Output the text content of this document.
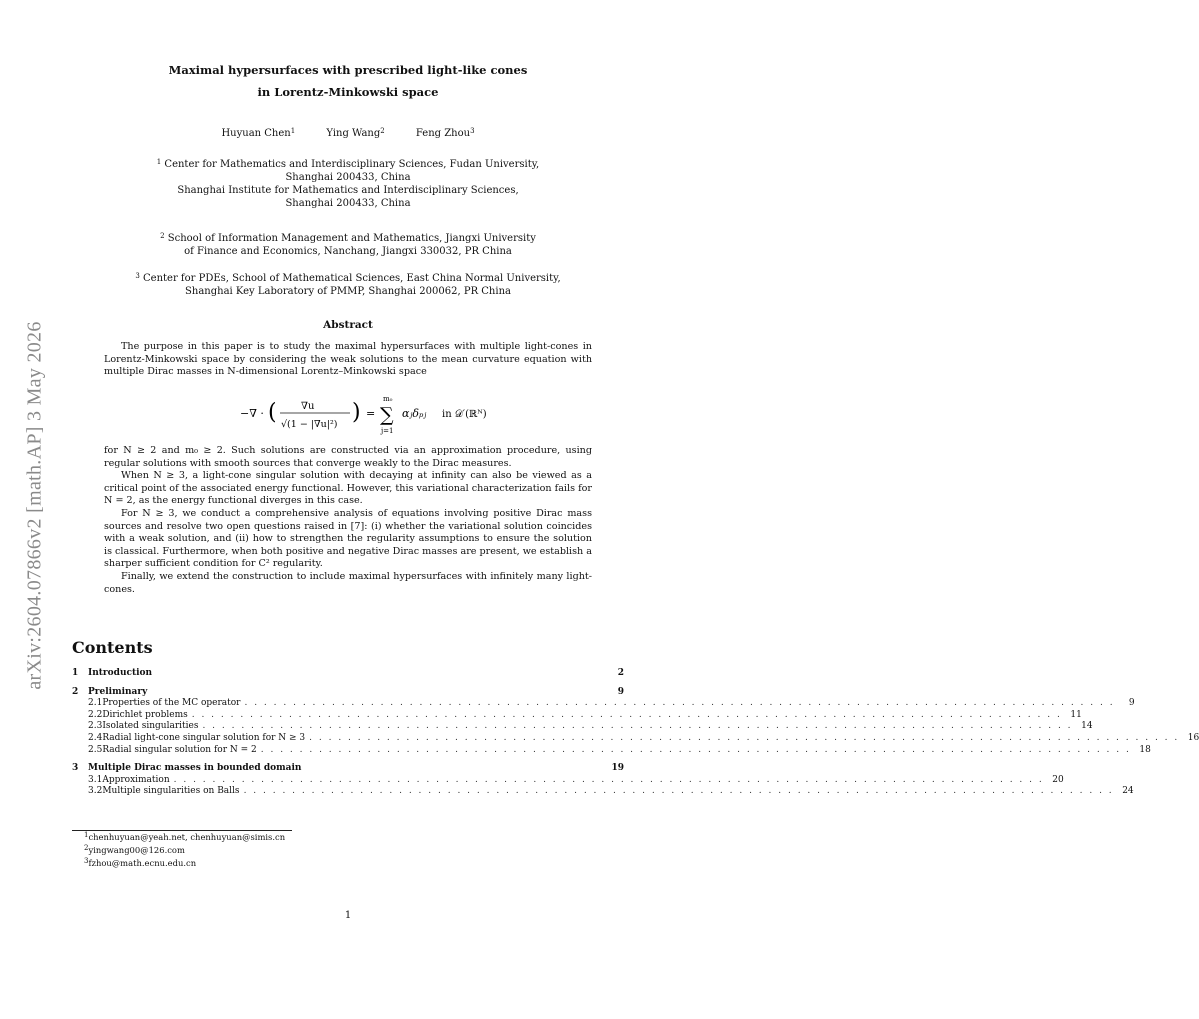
arXiv:2604.07866v2 [math.AP] 3 May 2026
Maximal hypersurfaces with prescribed light-like cones
in Lorentz-Minkowski space
Huyuan Chen$^1$	Ying Wang$^2$	Feng Zhou$^3$
$^1$ Center for Mathematics and Interdisciplinary Sciences, Fudan University,
Shanghai 200433, China
Shanghai Institute for Mathematics and Interdisciplinary Sciences,
Shanghai 200433, China
$^2$ School of Information Management and Mathematics, Jiangxi University
of Finance and Economics, Nanchang, Jiangxi 330032, PR China
$^3$ Center for PDEs, School of Mathematical Sciences, East China Normal University,
Shanghai Key Laboratory of PMMP, Shanghai 200062, PR China
Abstract

The purpose in this paper is to study the maximal hypersurfaces with multiple light-cones in Lorentz-Minkowski space by considering the weak solutions to the mean curvature equation with multiple Dirac masses in N-dimensional Lorentz–Minkowski space

−∇ · ( ∇u
√(1 − |∇u|²) ) =
m₀
∑
j=1
αⱼδₚⱼ in 𝒟′(ℝᴺ)

for N ≥ 2 and m₀ ≥ 2. Such solutions are constructed via an approximation procedure, using regular solutions with smooth sources that converge weakly to the Dirac measures.

When N ≥ 3, a light-cone singular solution with decaying at infinity can also be viewed as a critical point of the associated energy functional. However, this variational characterization fails for N = 2, as the energy functional diverges in this case.

For N ≥ 3, we conduct a comprehensive analysis of equations involving positive Dirac mass sources and resolve two open questions raised in [7]: (i) whether the variational solution coincides with a weak solution, and (ii) how to strengthen the regularity assumptions to ensure the solution is classical. Furthermore, when both positive and negative Dirac masses are present, we establish a sharper sufficient condition for C² regularity.

Finally, we extend the construction to include maximal hypersurfaces with infinitely many light-cones.

Contents
1	Introduction	2
2	Preliminary	9
2.1 Properties of the MC operator . . . . . . . . . . . . . . . . . . . . . . . . . . . . . . . . . . . . . . . . . . . . . . . . . . . . . . . . . . . . . . . . . . . . . . . . . . . . . . . . . . . . . . . . . .	9
2.2 Dirichlet problems . . . . . . . . . . . . . . . . . . . . . . . . . . . . . . . . . . . . . . . . . . . . . . . . . . . . . . . . . . . . . . . . . . . . . . . . . . . . . . . . . . . . . . . . . . 11
2.3 Isolated singularities . . . . . . . . . . . . . . . . . . . . . . . . . . . . . . . . . . . . . . . . . . . . . . . . . . . . . . . . . . . . . . . . . . . . . . . . . . . . . . . . . . . . . . . . . . 14
2.4 Radial light-cone singular solution for N ≥ 3 . . . . . . . . . . . . . . . . . . . . . . . . . . . . . . . . . . . . . . . . . . . . . . . . . . . . . . . . . . . . . . . . . . . . . . . . . . . . . . . . . . . . . . . . . . 16
2.5 Radial singular solution for N = 2 . . . . . . . . . . . . . . . . . . . . . . . . . . . . . . . . . . . . . . . . . . . . . . . . . . . . . . . . . . . . . . . . . . . . . . . . . . . . . . . . . . . . . . . . . . 18
3	Multiple Dirac masses in bounded domain	19
3.1 Approximation . . . . . . . . . . . . . . . . . . . . . . . . . . . . . . . . . . . . . . . . . . . . . . . . . . . . . . . . . . . . . . . . . . . . . . . . . . . . . . . . . . . . . . . . . . 20
3.2 Multiple singularities on Balls . . . . . . . . . . . . . . . . . . . . . . . . . . . . . . . . . . . . . . . . . . . . . . . . . . . . . . . . . . . . . . . . . . . . . . . . . . . . . . . . . . . . . . . . . . 24
$^1$chenhuyuan@yeah.net, chenhuyuan@simis.cn
$^2$yingwang00@126.com
$^3$fzhou@math.ecnu.edu.cn
1
